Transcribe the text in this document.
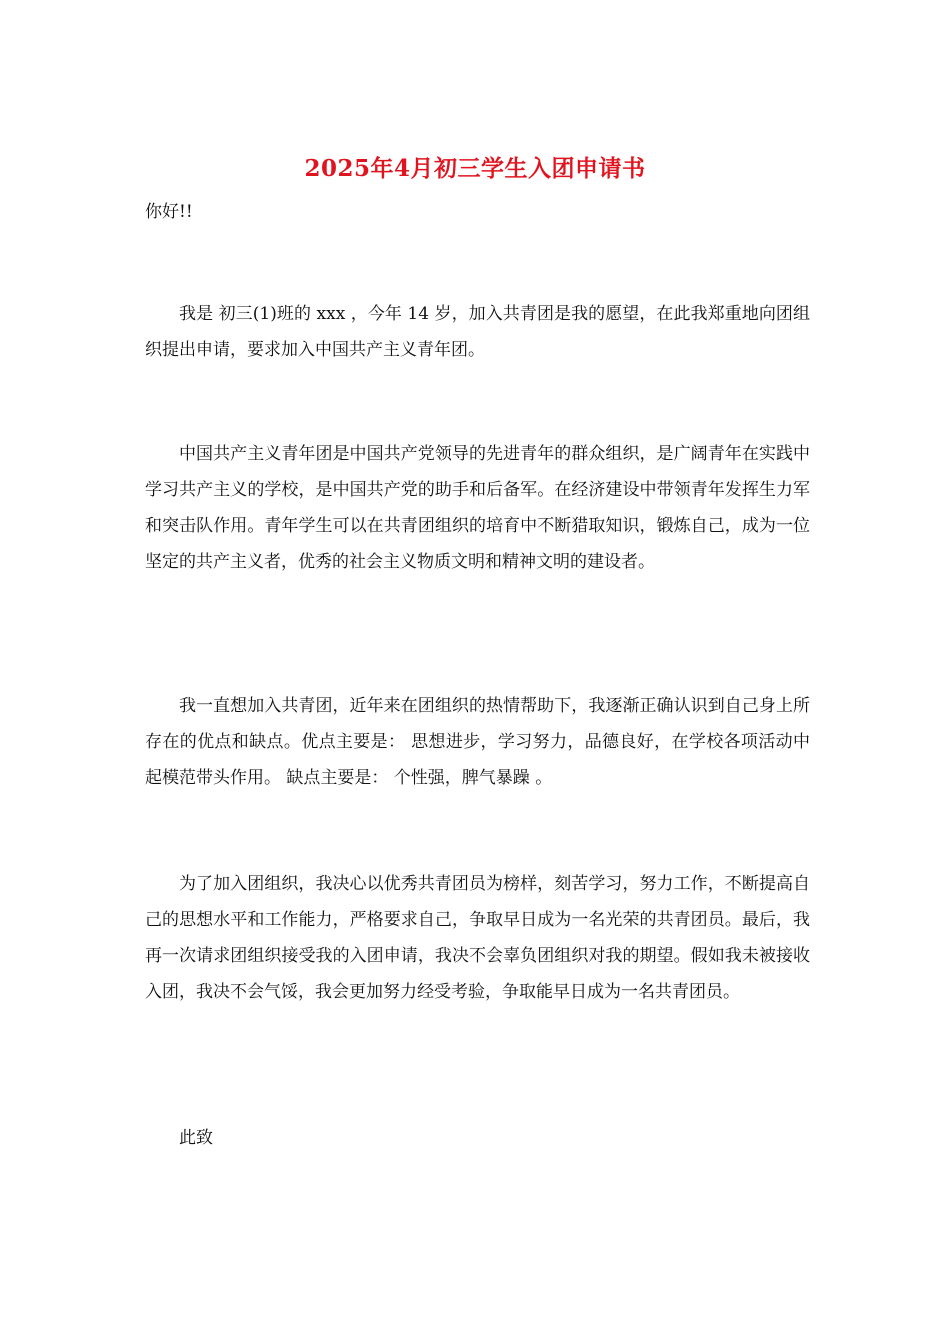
2025年4月初三学生入团申请书
你好!!

我是 初三(1)班的 xxx ，今年 14 岁，加入共青团是我的愿望，在此我郑重地向团组织提出申请，要求加入中国共产主义青年团。

中国共产主义青年团是中国共产党领导的先进青年的群众组织，是广阔青年在实践中学习共产主义的学校，是中国共产党的助手和后备军。在经济建设中带领青年发挥生力军和突击队作用。青年学生可以在共青团组织的培育中不断猎取知识，锻炼自己，成为一位坚定的共产主义者，优秀的社会主义物质文明和精神文明的建设者。

我一直想加入共青团，近年来在团组织的热情帮助下，我逐渐正确认识到自己身上所存在的优点和缺点。优点主要是： 思想进步，学习努力，品德良好，在学校各项活动中起模范带头作用。 缺点主要是： 个性强，脾气暴躁 。

为了加入团组织，我决心以优秀共青团员为榜样，刻苦学习，努力工作，不断提高自己的思想水平和工作能力，严格要求自己，争取早日成为一名光荣的共青团员。最后，我再一次请求团组织接受我的入团申请，我决不会辜负团组织对我的期望。假如我未被接收入团，我决不会气馁，我会更加努力经受考验，争取能早日成为一名共青团员。

此致
